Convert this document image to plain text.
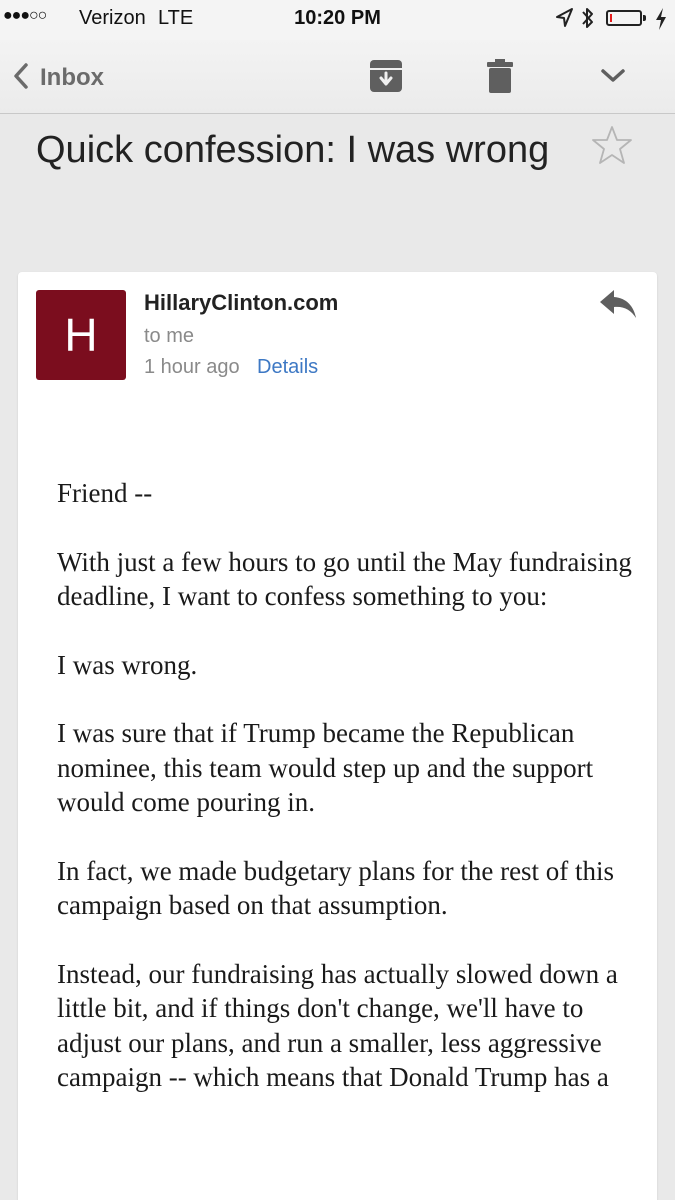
●●●○○ Verizon LTE	10:20 PM
Inbox
Quick confession: I was wrong
H
HillaryClinton.com
to me
1 hour ago Details

Friend --

With just a few hours to go until the May fundraising deadline, I want to confess something to you:

I was wrong.

I was sure that if Trump became the Republican nominee, this team would step up and the support would come pouring in.

In fact, we made budgetary plans for the rest of this campaign based on that assumption.

Instead, our fundraising has actually slowed down a little bit, and if things don't change, we'll have to adjust our plans, and run a smaller, less aggressive campaign -- which means that Donald Trump has a
